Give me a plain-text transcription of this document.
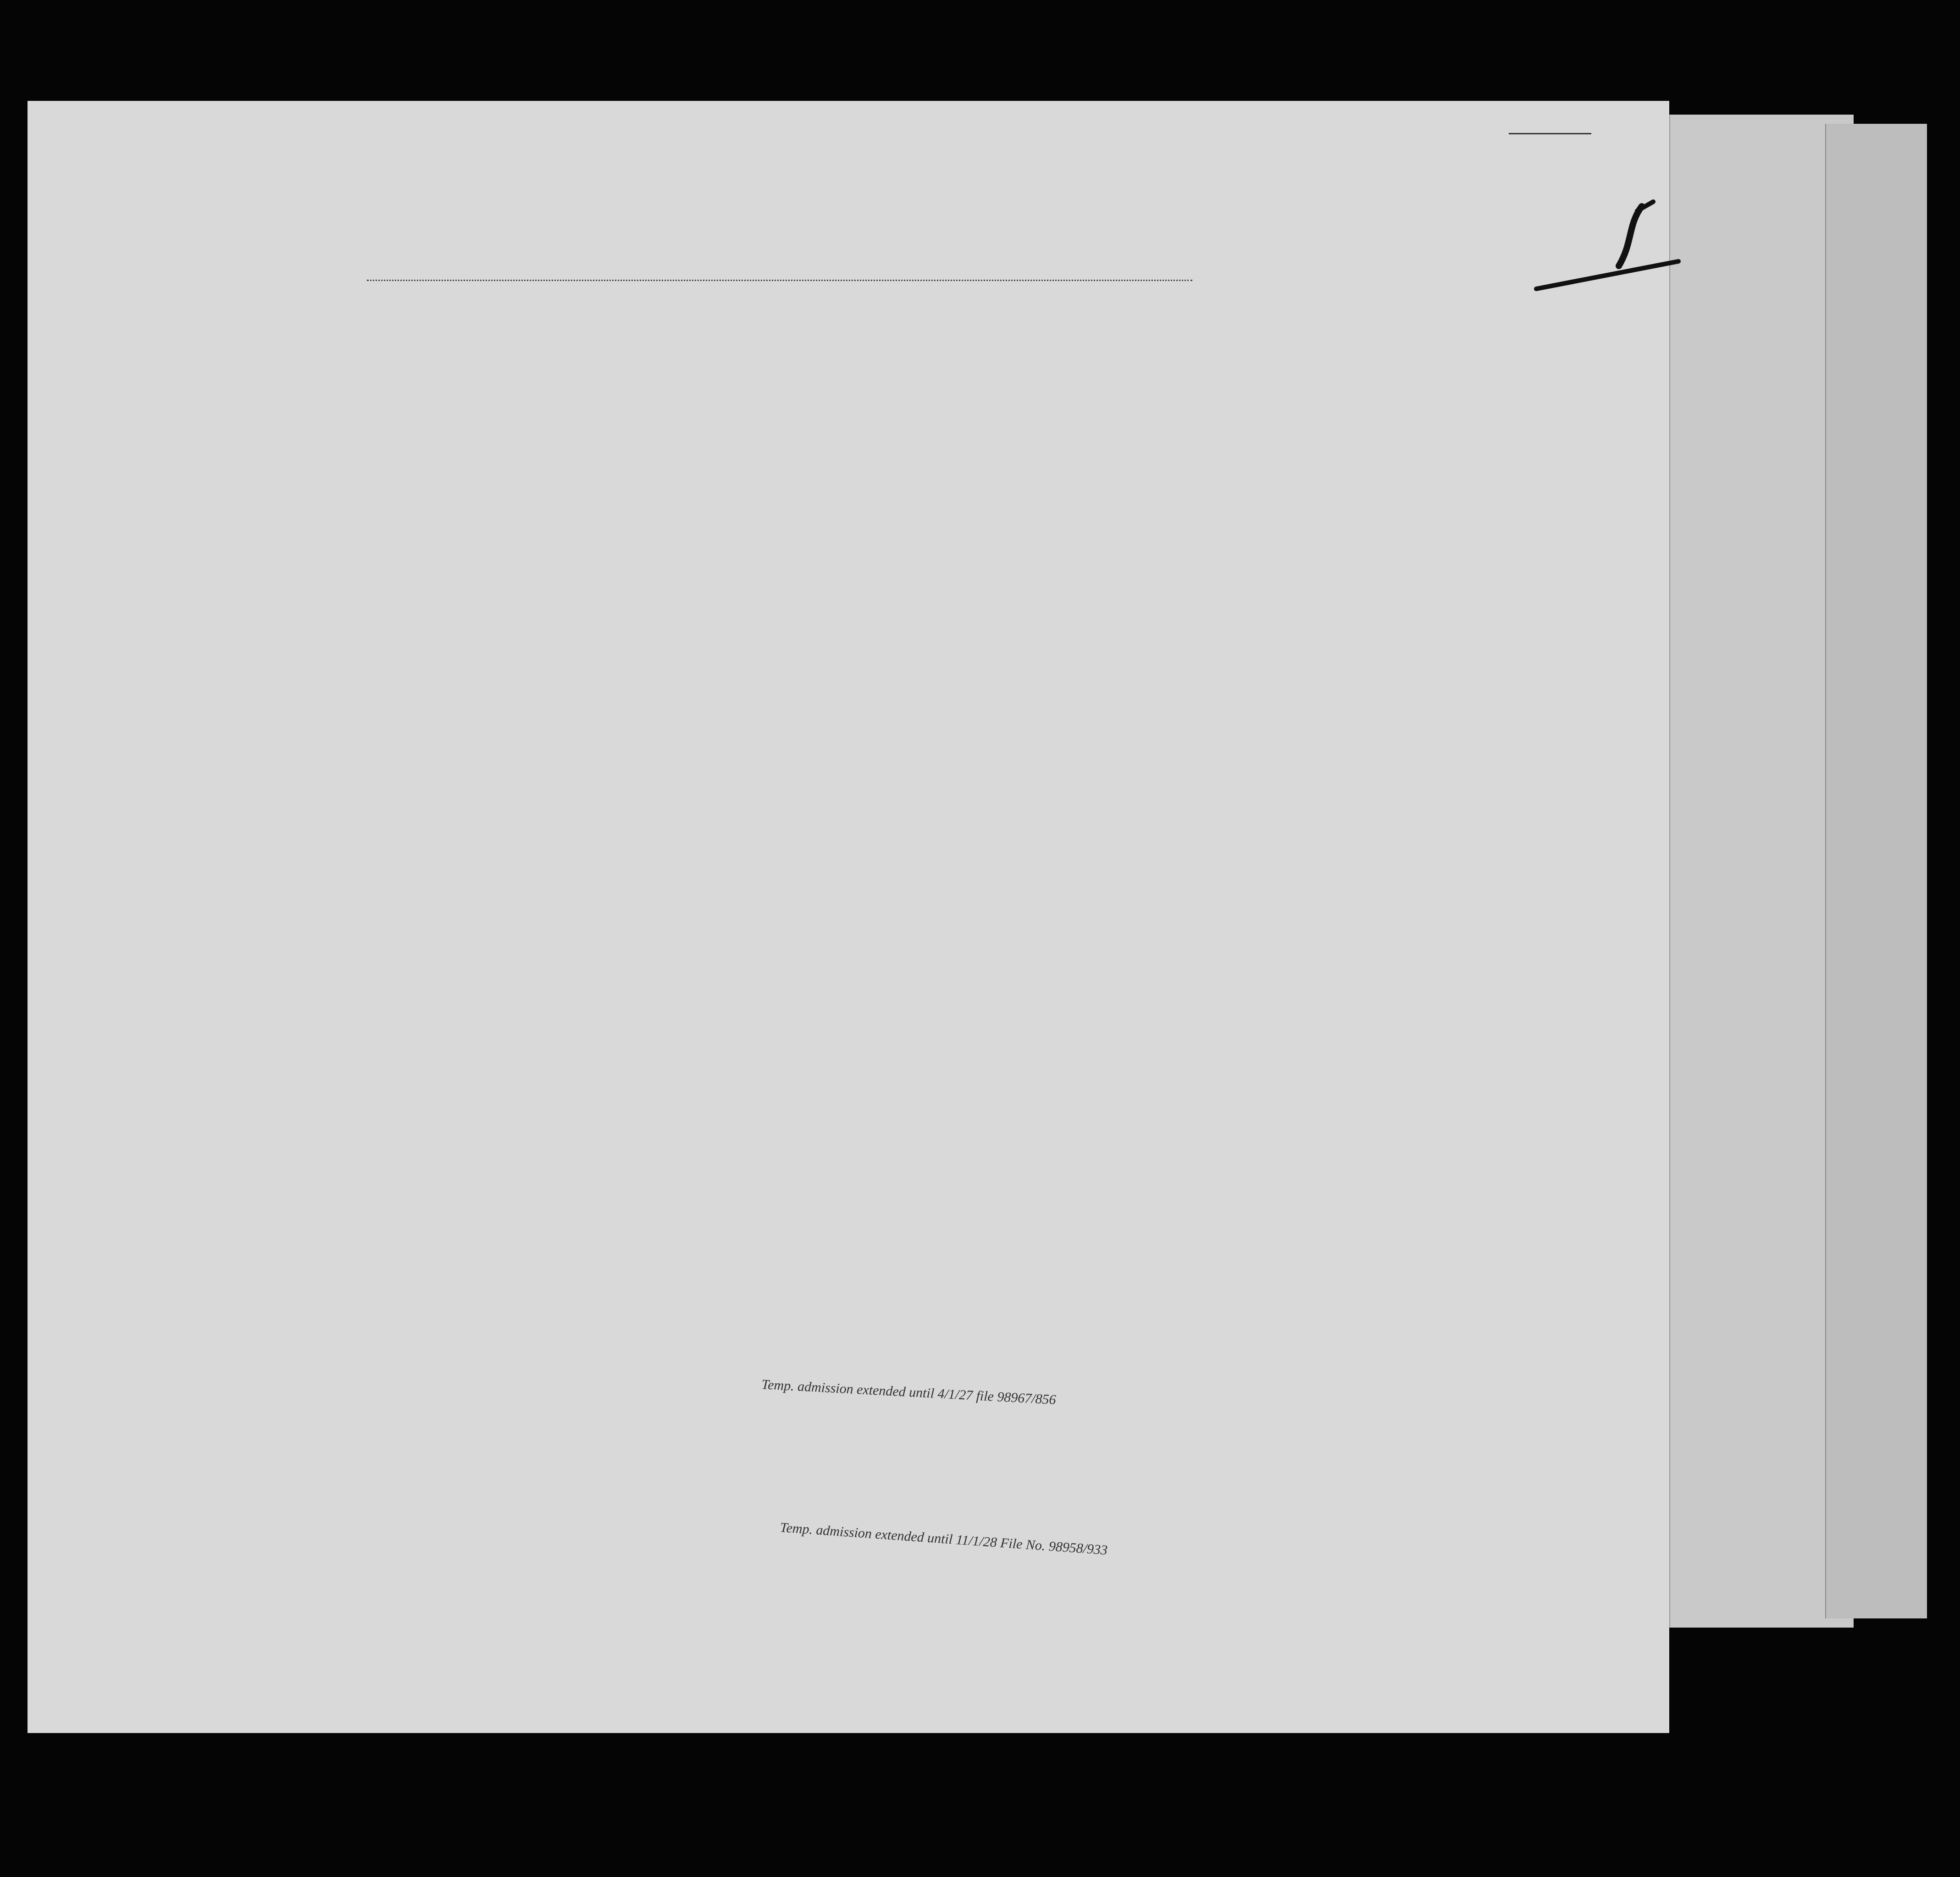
Temp. admission extended until 4/1/27 file 98967/856
Temp. admission extended until 11/1/28 File No. 98958/933
